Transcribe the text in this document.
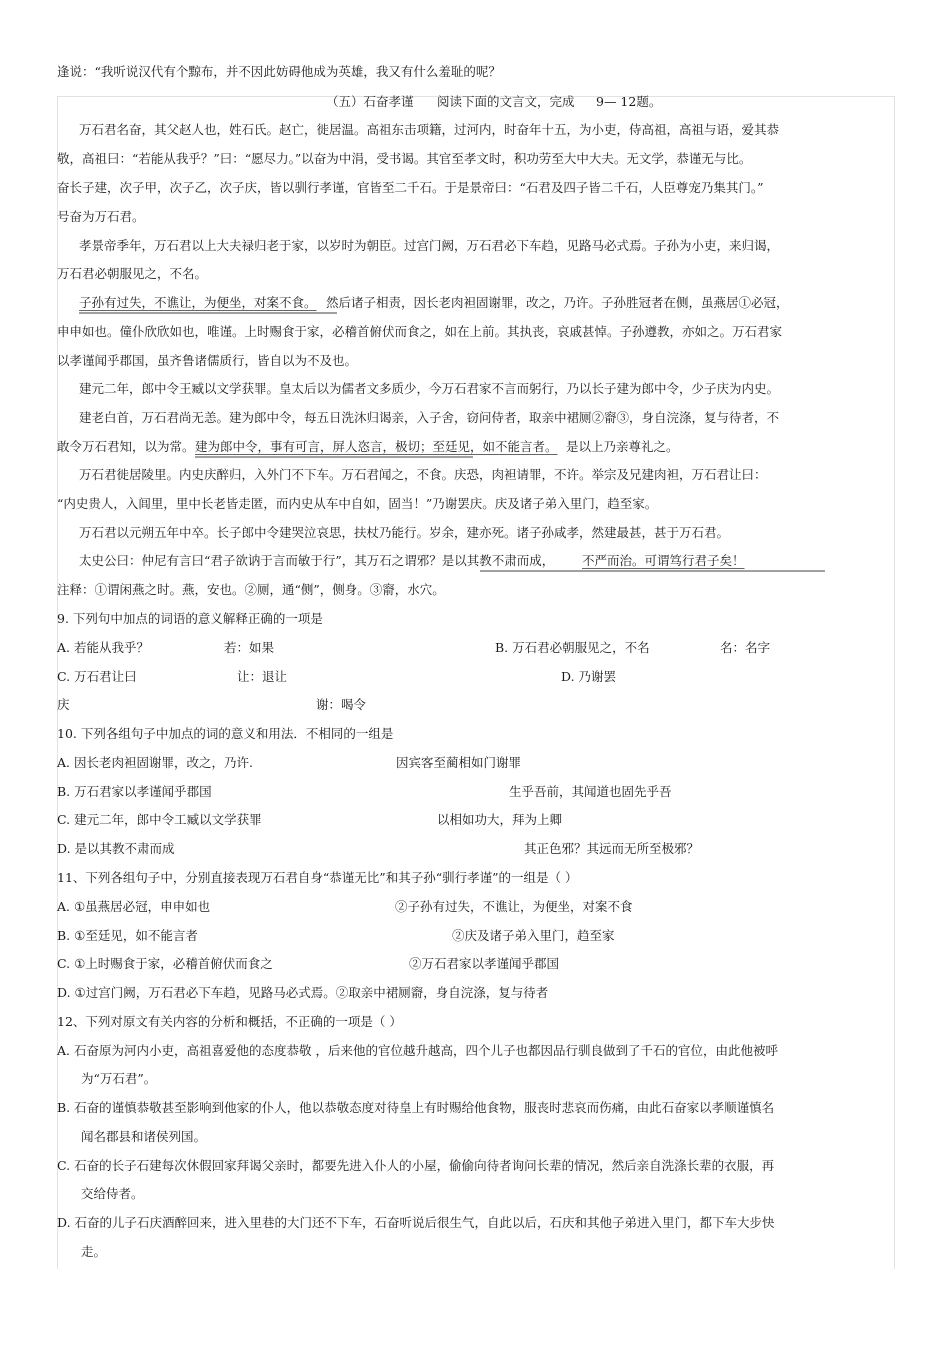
逢说：“我听说汉代有个黥布，并不因此妨碍他成为英雄，我又有什么羞耻的呢？
（五）石奋孝谨 阅读下面的文言文，完成 9— 12题。
万石君名奋，其父赵人也，姓石氏。赵亡，徙居温。高祖东击项籍，过河内，时奋年十五，为小吏，侍高祖，高祖与语，爱其恭
敬，高祖曰：“若能从我乎？”曰：“愿尽力。”以奋为中涓，受书谒。其官至孝文时，积功劳至大中大夫。无文学，恭谨无与比。
奋长子建，次子甲，次子乙，次子庆，皆以驯行孝谨，官皆至二千石。于是景帝曰：“石君及四子皆二千石，人臣尊宠乃集其门。”
号奋为万石君。
孝景帝季年，万石君以上大夫禄归老于家，以岁时为朝臣。过宫门阙，万石君必下车趋，见路马必式焉。子孙为小吏，来归谒，
万石君必朝服见之，不名。
子孙有过失，不谯让，为便坐，对案不食。 然后诸子相责，因长老肉袒固谢罪，改之，乃许。子孙胜冠者在侧，虽燕居①必冠，
申申如也。僮仆欣欣如也，唯谨。上时赐食于家，必稽首俯伏而食之，如在上前。其执丧，哀戚甚悼。子孙遵教，亦如之。万石君家
以孝谨闻乎郡国，虽齐鲁诸儒质行，皆自以为不及也。
建元二年，郎中令王臧以文学获罪。皇太后以为儒者文多质少，今万石君家不言而躬行，乃以长子建为郎中令，少子庆为内史。
建老白首，万石君尚无恙。建为郎中令，每五日洗沐归谒亲，入子舍，窃问侍者，取亲中裙厕②窬③，身自浣涤，复与待者，不
敢令万石君知，以为常。 建为郎中令，事有可言，屏人恣言，极切；至廷见，如不能言者。 是以上乃亲尊礼之。
万石君徙居陵里。内史庆醉归，入外门不下车。万石君闻之，不食。庆恐，肉袒请罪，不许。举宗及兄建肉袒，万石君让曰：
“内史贵人，入闾里，里中长老皆走匿，而内史从车中自如，固当！”乃谢罢庆。庆及诸子弟入里门，趋至家。
万石君以元朔五年中卒。长子郎中令建哭泣哀思，扶杖乃能行。岁余，建亦死。诸子孙咸孝，然建最甚，甚于万石君。
太史公曰：仲尼有言曰“君子欲讷于言而敏于行”，其万石之谓邪？是以其教不肃而成， 不严而治。可谓笃行君子矣！
注释：①谓闲燕之时。燕，安也。②厕，通“侧”，侧身。③窬，水穴。
9. 下列句中加点的词语的意义解释正确的一项是
A. 若能从我乎？	若：如果	B. 万石君必朝服见之，不名	名：名字
C. 万石君让曰	让：退让	D. 乃谢罢
庆	谢：喝令
10. 下列各组句子中加点的词的意义和用法．不相同的一组是
A. 因长老肉袒固谢罪，改之，乃许.	因宾客至蔺相如门谢罪
B. 万石君家以孝谨闻乎郡国	生乎吾前，其闻道也固先乎吾
C. 建元二年，郎中令工臧以文学获罪	以相如功大，拜为上卿
D. 是以其教不肃而成	其正色邪？其远而无所至极邪？
11、下列各组句子中，分别直接表现万石君自身“恭谨无比”和其子孙“驯行孝谨”的一组是（ ）
A. ①虽燕居必冠，申申如也	②子孙有过失，不谯让，为便坐，对案不食
B. ①至廷见，如不能言者	②庆及诸子弟入里门，趋至家
C. ①上时赐食于家，必稽首俯伏而食之	②万石君家以孝谨闻乎郡国
D. ①过宫门阙，万石君必下车趋，见路马必式焉。②取亲中裙厕窬，身自浣涤，复与待者
12、下列对原文有关内容的分析和概括，不正确的一项是（ ）
A. 石奋原为河内小吏，高祖喜爱他的态度恭敬 ，后来他的官位越升越高，四个儿子也都因品行驯良做到了千石的官位，由此他被呼
为“万石君”。
B. 石奋的谨慎恭敬甚至影响到他家的仆人，他以恭敬态度对待皇上有时赐给他食物，服丧时悲哀而伤痛，由此石奋家以孝顺谨慎名
闻名郡县和诸侯列国。
C. 石奋的长子石建每次休假回家拜谒父亲时，都要先进入仆人的小屋，偷偷向待者询问长辈的情况，然后亲自洗涤长辈的衣服，再
交给侍者。
D. 石奋的儿子石庆酒醉回来，进入里巷的大门还不下车，石奋听说后很生气，自此以后，石庆和其他子弟进入里门，都下车大步快
走。
